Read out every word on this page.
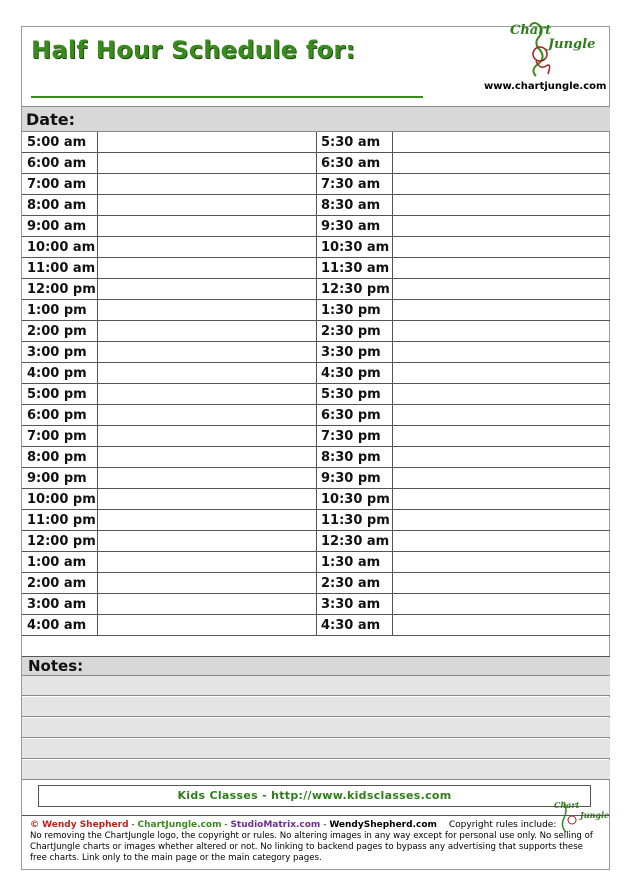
Half Hour Schedule for:
Chart
Jungle
www.chartjungle.com
Date:
5:00 am	5:30 am
6:00 am	6:30 am
7:00 am	7:30 am
8:00 am	8:30 am
9:00 am	9:30 am
10:00 am	10:30 am
11:00 am	11:30 am
12:00 pm	12:30 pm
1:00 pm	1:30 pm
2:00 pm	2:30 pm
3:00 pm	3:30 pm
4:00 pm	4:30 pm
5:00 pm	5:30 pm
6:00 pm	6:30 pm
7:00 pm	7:30 pm
8:00 pm	8:30 pm
9:00 pm	9:30 pm
10:00 pm	10:30 pm
11:00 pm	11:30 pm
12:00 pm	12:30 am
1:00 am	1:30 am
2:00 am	2:30 am
3:00 am	3:30 am
4:00 am	4:30 am
Notes:
Kids Classes - http://www.kidsclasses.com
Chart
Jungle
© Wendy Shepherd - ChartJungle.com - StudioMatrix.com - WendyShepherd.com Copyright rules include:
No removing the ChartJungle logo, the copyright or rules. No altering images in any way except for personal use only. No selling of ChartJungle charts or images whether altered or not. No linking to backend pages to bypass any advertising that supports these free charts. Link only to the main page or the main category pages.
